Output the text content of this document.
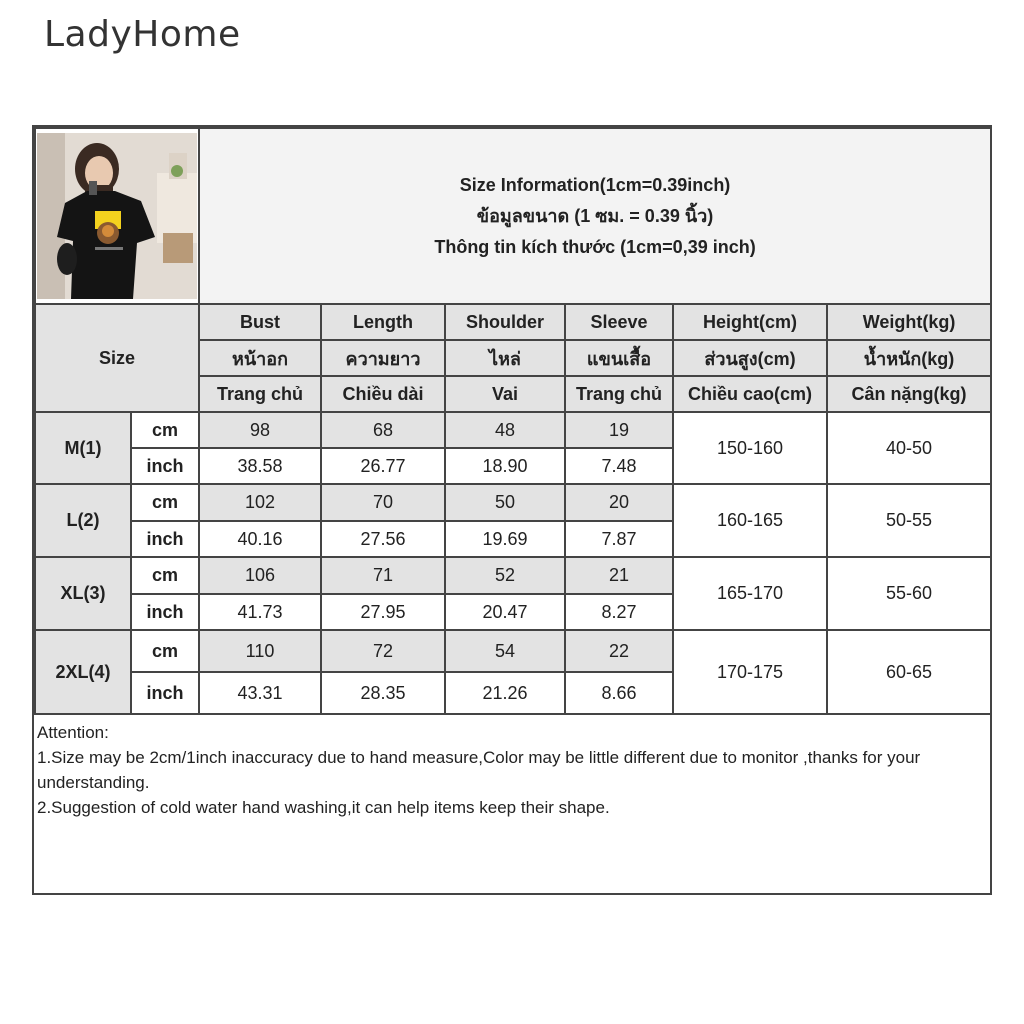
LadyHome

Size Information(1cm=0.39inch)
ข้อมูลขนาด (1 ซม. = 0.39 นิ้ว)
Thông tin kích thước (1cm=0,39 inch)					

Size		Bust	Length	Shoulder	Sleeve	Height(cm)	Weight(kg)
		หน้าอก	ความยาว	ไหล่	แขนเสื้อ	ส่วนสูง(cm)	น้ำหนัก(kg)
		Trang chủ	Chiều dài	Vai	Trang chủ	Chiều cao(cm)	Cân nặng(kg)
M(1)	cm	98	68	48	19	150-160	40-50
	inch	38.58	26.77	18.90	7.48		
L(2)	cm	102	70	50	20	160-165	50-55
	inch	40.16	27.56	19.69	7.87		
XL(3)	cm	106	71	52	21	165-170	55-60
	inch	41.73	27.95	20.47	8.27		
2XL(4)	cm	110	72	54	22	170-175	60-65
	inch	43.31	28.35	21.26	8.66		
Attention:
1.Size may be 2cm/1inch inaccuracy due to hand measure,Color may be little different due to monitor ,thanks for your understanding.
2.Suggestion of cold water hand washing,it can help items keep their shape.
